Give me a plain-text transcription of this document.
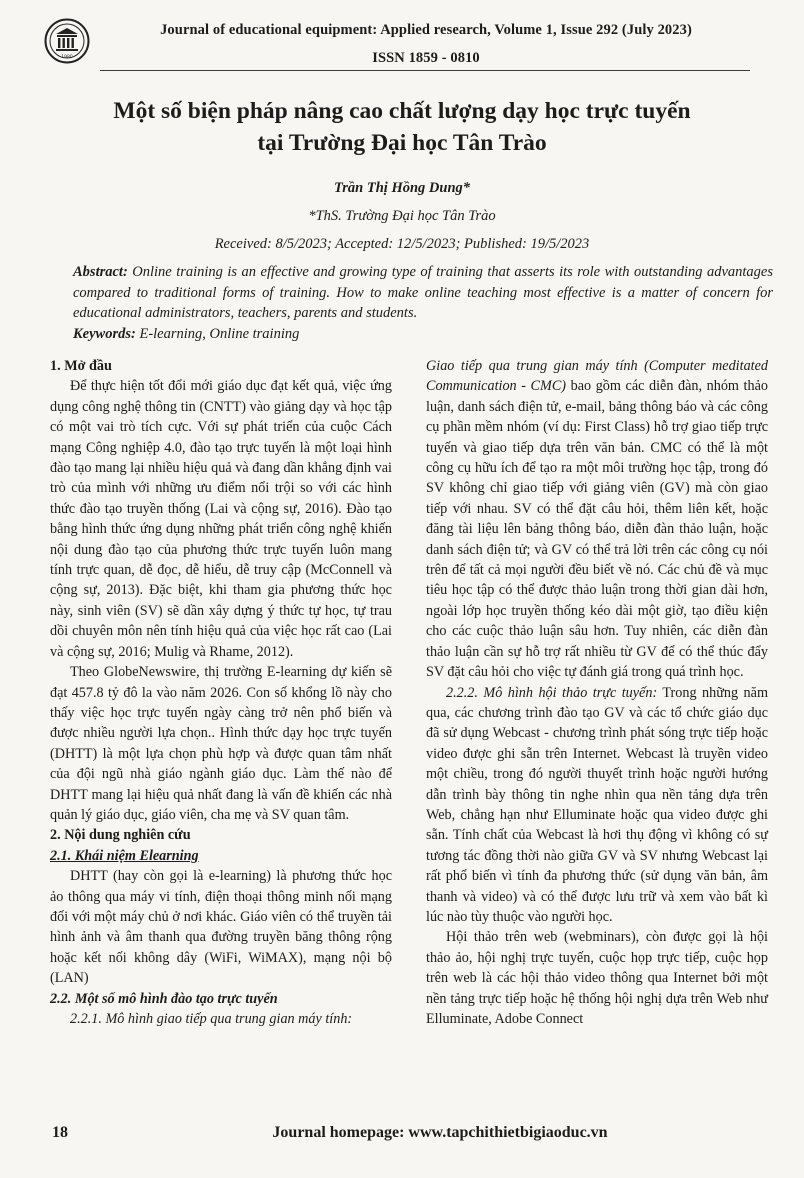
1980
Journal of educational equipment: Applied research, Volume 1, Issue 292 (July 2023)
ISSN 1859 - 0810
Một số biện pháp nâng cao chất lượng dạy học trực tuyến
tại Trường Đại học Tân Trào
Trần Thị Hồng Dung*
*ThS. Trường Đại học Tân Trào
Received: 8/5/2023; Accepted: 12/5/2023; Published: 19/5/2023
Abstract: Online training is an effective and growing type of training that asserts its role with outstanding advantages compared to traditional forms of training. How to make online teaching most effective is a matter of concern for educational administrators, teachers, parents and students.
Keywords: E-learning, Online training
1. Mở đầu

Để thực hiện tốt đổi mới giáo dục đạt kết quả, việc ứng dụng công nghệ thông tin (CNTT) vào giảng dạy và học tập có một vai trò tích cực. Với sự phát triển của cuộc Cách mạng Công nghiệp 4.0, đào tạo trực tuyến là một loại hình đào tạo mang lại nhiều hiệu quả và đang dần khẳng định vai trò của mình với những ưu điểm nổi trội so với các hình thức đào tạo truyền thống (Lai và cộng sự, 2016). Đào tạo bằng hình thức ứng dụng những phát triển công nghệ khiến nội dung đào tạo của phương thức trực tuyến luôn mang tính trực quan, dễ đọc, dễ hiểu, dễ truy cập (McConnell và cộng sự, 2013). Đặc biệt, khi tham gia phương thức học này, sinh viên (SV) sẽ dần xây dựng ý thức tự học, tự trau dồi chuyên môn nên tính hiệu quả của việc học rất cao (Lai và cộng sự, 2016; Mulig và Rhame, 2012).

Theo GlobeNewswire, thị trường E-learning dự kiến sẽ đạt 457.8 tỷ đô la vào năm 2026. Con số khổng lồ này cho thấy việc học trực tuyến ngày càng trở nên phổ biến và được nhiều người lựa chọn.. Hình thức dạy học trực tuyến (DHTT) là một lựa chọn phù hợp và được quan tâm nhất của đội ngũ nhà giáo ngành giáo dục. Làm thế nào để DHTT mang lại hiệu quả nhất đang là vấn đề khiến các nhà quản lý giáo dục, giáo viên, cha mẹ và SV quan tâm.

2. Nội dung nghiên cứu
2.1. Khái niệm Elearning

DHTT (hay còn gọi là e-learning) là phương thức học ảo thông qua máy vi tính, điện thoại thông minh nối mạng đối với một máy chủ ở nơi khác. Giáo viên có thể truyền tải hình ảnh và âm thanh qua đường truyền băng thông rộng hoặc kết nối không dây (WiFi, WiMAX), mạng nội bộ (LAN)

2.2. Một số mô hình đào tạo trực tuyến

2.2.1. Mô hình giao tiếp qua trung gian máy tính:

Giao tiếp qua trung gian máy tính (Computer meditated Communication - CMC) bao gồm các diễn đàn, nhóm thảo luận, danh sách điện tử, e-mail, bảng thông báo và các công cụ phần mềm nhóm (ví dụ: First Class) hỗ trợ giao tiếp trực tuyến và giao tiếp dựa trên văn bản. CMC có thể là một công cụ hữu ích để tạo ra một môi trường học tập, trong đó SV không chỉ giao tiếp với giảng viên (GV) mà còn giao tiếp với nhau. SV có thể đặt câu hỏi, thêm liên kết, hoặc đăng tài liệu lên bảng thông báo, diễn đàn thảo luận, hoặc danh sách điện tử; và GV có thể trả lời trên các công cụ nói trên để tất cả mọi người đều biết về nó. Các chủ đề và mục tiêu học tập có thể được thảo luận trong thời gian dài hơn, ngoài lớp học truyền thống kéo dài một giờ, tạo điều kiện cho các cuộc thảo luận sâu hơn. Tuy nhiên, các diễn đàn thảo luận cần sự hỗ trợ rất nhiều từ GV để có thể thúc đẩy SV đặt câu hỏi cho việc tự đánh giá trong quá trình học.

2.2.2. Mô hình hội thảo trực tuyến: Trong những năm qua, các chương trình đào tạo GV và các tổ chức giáo dục đã sử dụng Webcast - chương trình phát sóng trực tiếp hoặc video được ghi sẵn trên Internet. Webcast là truyền video một chiều, trong đó người thuyết trình hoặc người hướng dẫn trình bày thông tin nghe nhìn qua nền tảng dựa trên Web, chẳng hạn như Elluminate hoặc qua video được ghi sẵn. Tính chất của Webcast là hơi thụ động vì không có sự tương tác đồng thời nào giữa GV và SV nhưng Webcast lại rất phổ biến vì tính đa phương thức (sử dụng văn bản, âm thanh và video) và có thể được lưu trữ và xem vào bất kì lúc nào tùy thuộc vào người học.

Hội thảo trên web (webminars), còn được gọi là hội thảo ảo, hội nghị trực tuyến, cuộc họp trực tiếp, cuộc họp trên web là các hội thảo video thông qua Internet bởi một nền tảng trực tiếp hoặc hệ thống hội nghị dựa trên Web như Elluminate, Adobe Connect

18	Journal homepage: www.tapchithietbigiaoduc.vn
